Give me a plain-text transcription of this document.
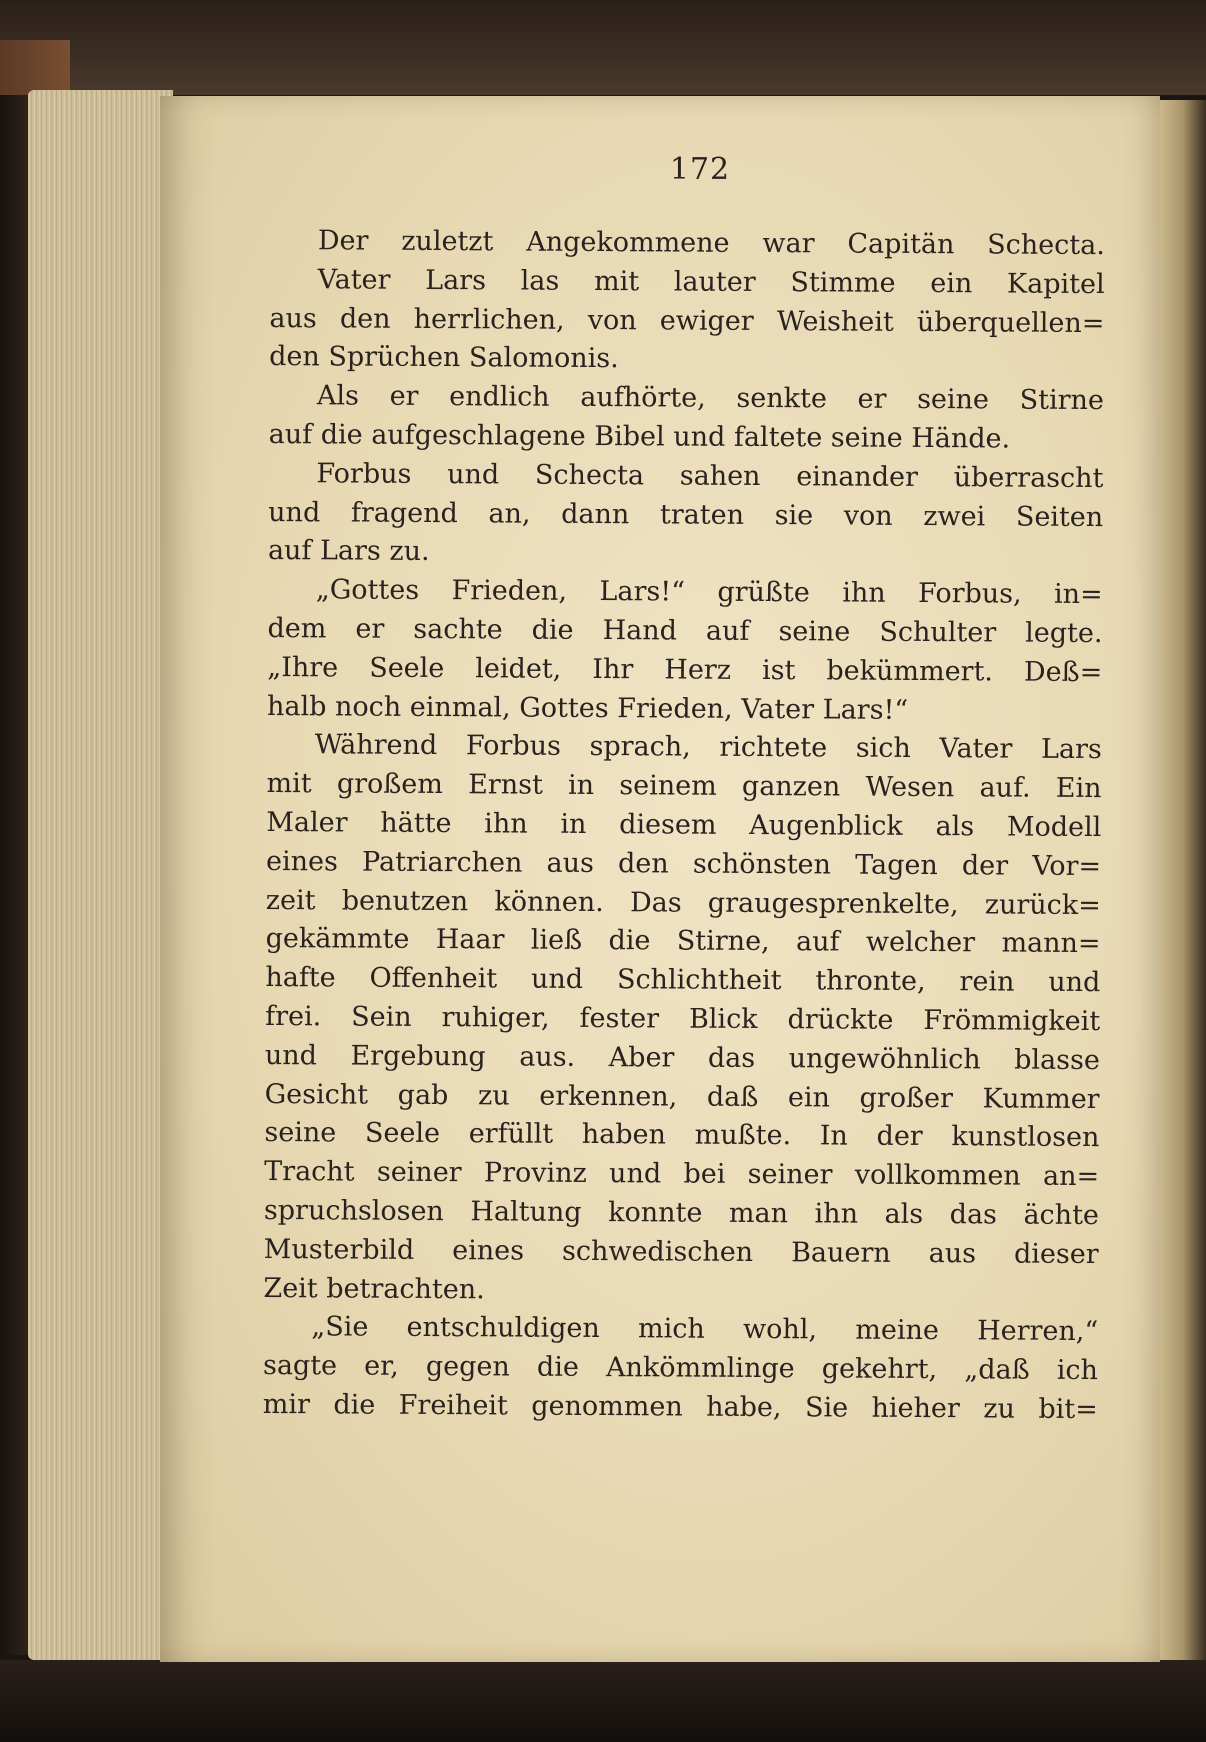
172
Der zuletzt Angekommene war Capitän Schecta.
Vater Lars las mit lauter Stimme ein Kapitel
aus den herrlichen, von ewiger Weisheit überquellen=
den Sprüchen Salomonis.
Als er endlich aufhörte, senkte er seine Stirne
auf die aufgeschlagene Bibel und faltete seine Hände.
Forbus und Schecta sahen einander überrascht
und fragend an, dann traten sie von zwei Seiten
auf Lars zu.
„Gottes Frieden, Lars!“ grüßte ihn Forbus, in=
dem er sachte die Hand auf seine Schulter legte.
„Ihre Seele leidet, Ihr Herz ist bekümmert. Deß=
halb noch einmal, Gottes Frieden, Vater Lars!“
Während Forbus sprach, richtete sich Vater Lars
mit großem Ernst in seinem ganzen Wesen auf. Ein
Maler hätte ihn in diesem Augenblick als Modell
eines Patriarchen aus den schönsten Tagen der Vor=
zeit benutzen können. Das graugesprenkelte, zurück=
gekämmte Haar ließ die Stirne, auf welcher mann=
hafte Offenheit und Schlichtheit thronte, rein und
frei. Sein ruhiger, fester Blick drückte Frömmigkeit
und Ergebung aus. Aber das ungewöhnlich blasse
Gesicht gab zu erkennen, daß ein großer Kummer
seine Seele erfüllt haben mußte. In der kunstlosen
Tracht seiner Provinz und bei seiner vollkommen an=
spruchslosen Haltung konnte man ihn als das ächte
Musterbild eines schwedischen Bauern aus dieser
Zeit betrachten.
„Sie entschuldigen mich wohl, meine Herren,“
sagte er, gegen die Ankömmlinge gekehrt, „daß ich
mir die Freiheit genommen habe, Sie hieher zu bit=
